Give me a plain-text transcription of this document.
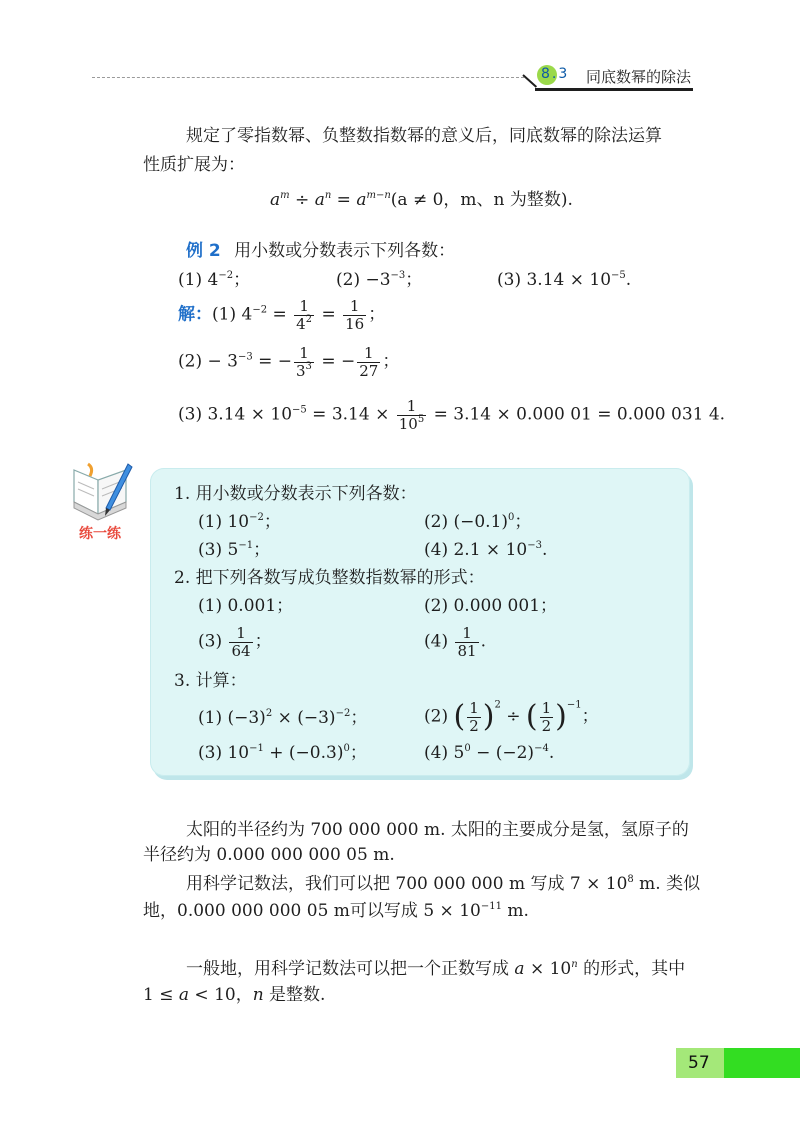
8.3 同底数幂的除法
规定了零指数幂、负整数指数幂的意义后，同底数幂的除法运算
性质扩展为：
$a^m \div a^n = a^{m-n}(a \ne 0$，m、n 为整数).
例 2 用小数或分数表示下列各数：
(1) $4^{-2}$；	$(2) -3^{-3}$；	(3) $3.14 \times 10^{-5}$.
解：(1) $4^{-2} = \frac{1}{4^2} = \frac{1}{16}$ ；
$(2) - 3^{-3}$ = − $\frac{1}{3^3}$ = − $\frac{1}{27}$ ；
(3) $3.14 \times 10^{-5} = 3.14 \times \frac{1}{10^5} = 3.14 \times 0.000$ 01 = 0.000 031 4.
练一练
1. 用小数或分数表示下列各数：
(1) $10^{-2}$；	(2) $(-0.1)^0$；
(3) $5^{-1}$；	(4) $2.1 \times 10^{-3}$.
2. 把下列各数写成负整数指数幂的形式：
(1) 0.001；	(2) 0.000 001；
$(3) \frac{1}{64}$ ；	$(4) \frac{1}{81}$ .
3. 计算：
(1) $(-3)^2 \times (-3)^{-2}$；	(2) ( $\frac{1}{2} )^2$ ÷ ( $\frac{1}{2} )^{-1}$；
(3) $10^{-1} + (-0.3)^0$；	(4) $5^0 - (-2)^{-4}$.
太阳的半径约为 700 000 000 m. 太阳的主要成分是氢，氢原子的
半径约为 0.000 000 000 05 m.
用科学记数法，我们可以把 700 000 000 m 写成 $7 \times 10^8$ m. 类似
地，0.000 000 000 05 m可以写成 $5 \times 10^{-11}$ m.
一般地，用科学记数法可以把一个正数写成 $a \times 10^n$ 的形式，其中
1 ≤ a < 10，n 是整数.
57
